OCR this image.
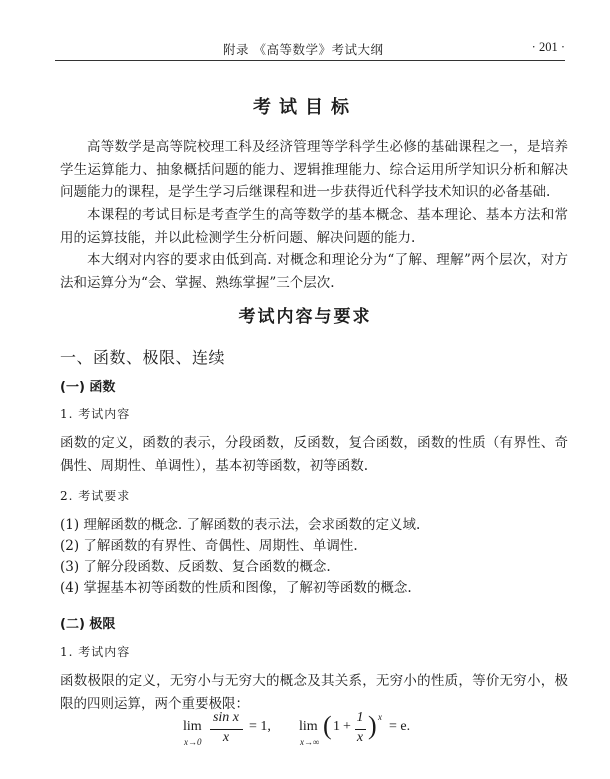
附录 《高等数学》考试大纲	· 201 ·
考试目标
高等数学是高等院校理工科及经济管理等学科学生必修的基础课程之一，是培养学生运算能力、抽象概括问题的能力、逻辑推理能力、综合运用所学知识分析和解决问题能力的课程，是学生学习后继课程和进一步获得近代科学技术知识的必备基础.
本课程的考试目标是考查学生的高等数学的基本概念、基本理论、基本方法和常用的运算技能，并以此检测学生分析问题、解决问题的能力.
本大纲对内容的要求由低到高. 对概念和理论分为“了解、理解”两个层次，对方法和运算分为“会、掌握、熟练掌握”三个层次.
考试内容与要求
一、函数、极限、连续
(一) 函数
1. 考试内容
函数的定义，函数的表示，分段函数，反函数，复合函数，函数的性质（有界性、奇偶性、周期性、单调性），基本初等函数，初等函数.
2. 考试要求
(1) 理解函数的概念. 了解函数的表示法，会求函数的定义域.
(2) 了解函数的有界性、奇偶性、周期性、单调性.
(3) 了解分段函数、反函数、复合函数的概念.
(4) 掌握基本初等函数的性质和图像，了解初等函数的概念.
(二) 极限
1. 考试内容
函数极限的定义，无穷小与无穷大的概念及其关系，无穷小的性质，等价无穷小，极限的四则运算，两个重要极限：
lim
x→0
sin x
x
= 1, lim
x→∞
( 1 +
1
x ) x
= e.
